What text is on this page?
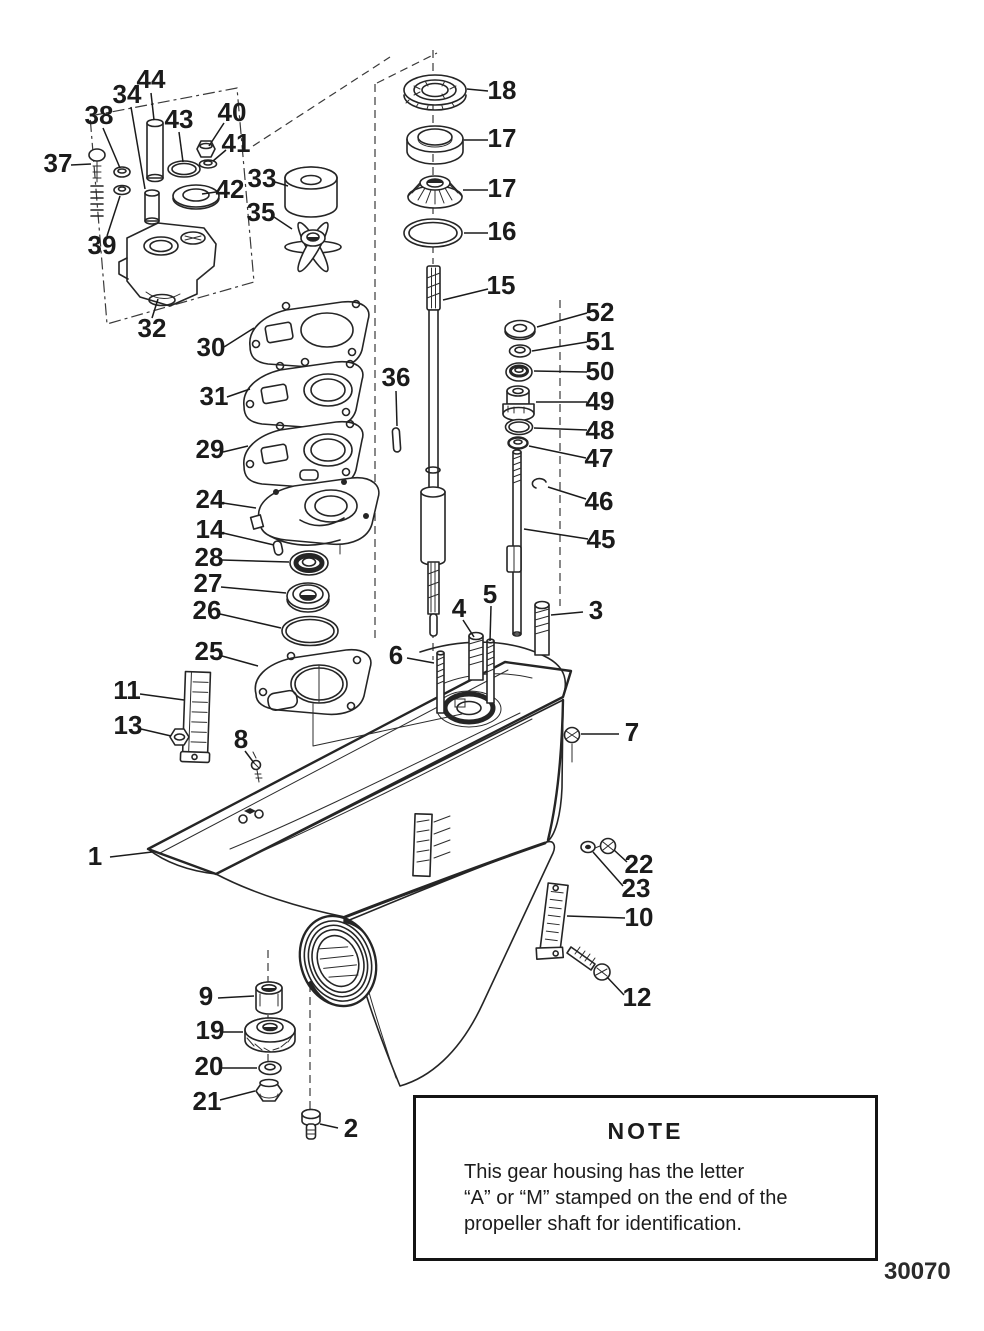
1
2
3
4 5
6
7
8
9
10
11
12
13
14
15
16
17
17
18
19
20
21
22
23
24
25
26
27
28
29
30
31
32
33
34
35
36
37
38
39
40
41
42
43
44
45
46
47
48
49
50
51
52
NOTE
This gear housing has the letter
“A” or “M” stamped on the end of the
propeller shaft for identification.
30070
